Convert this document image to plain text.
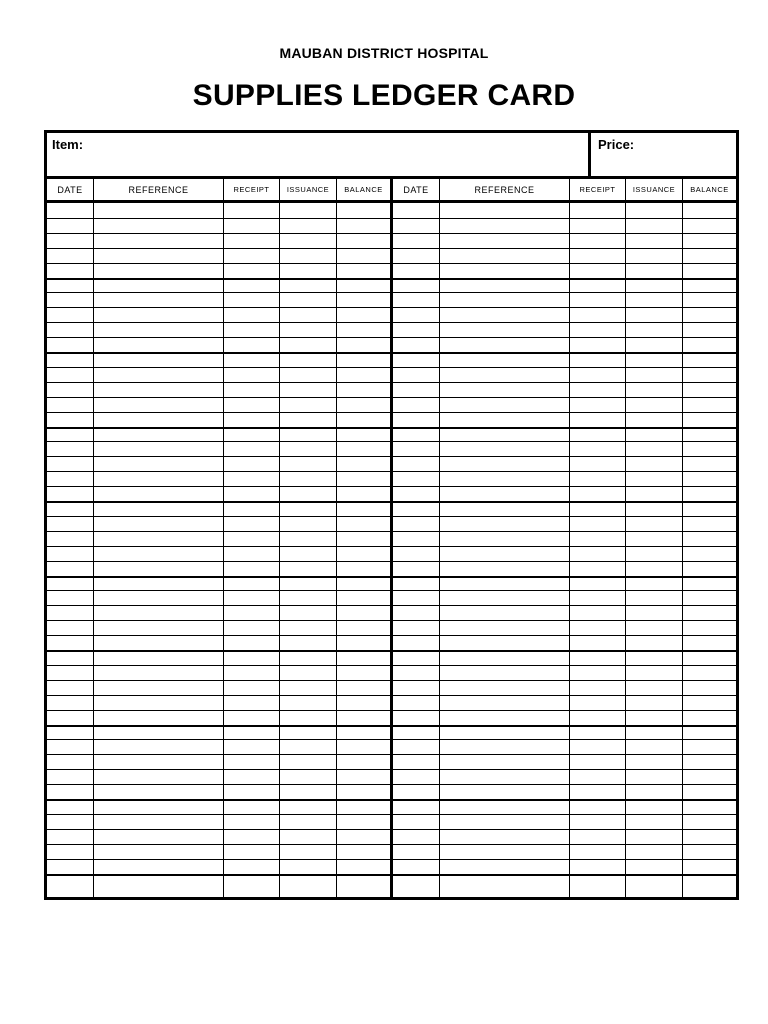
MAUBAN DISTRICT HOSPITAL
SUPPLIES LEDGER CARD
Item:	Price:
DATE	REFERENCE	RECEIPT	ISSUANCE	BALANCE	DATE	REFERENCE	RECEIPT	ISSUANCE	BALANCE
